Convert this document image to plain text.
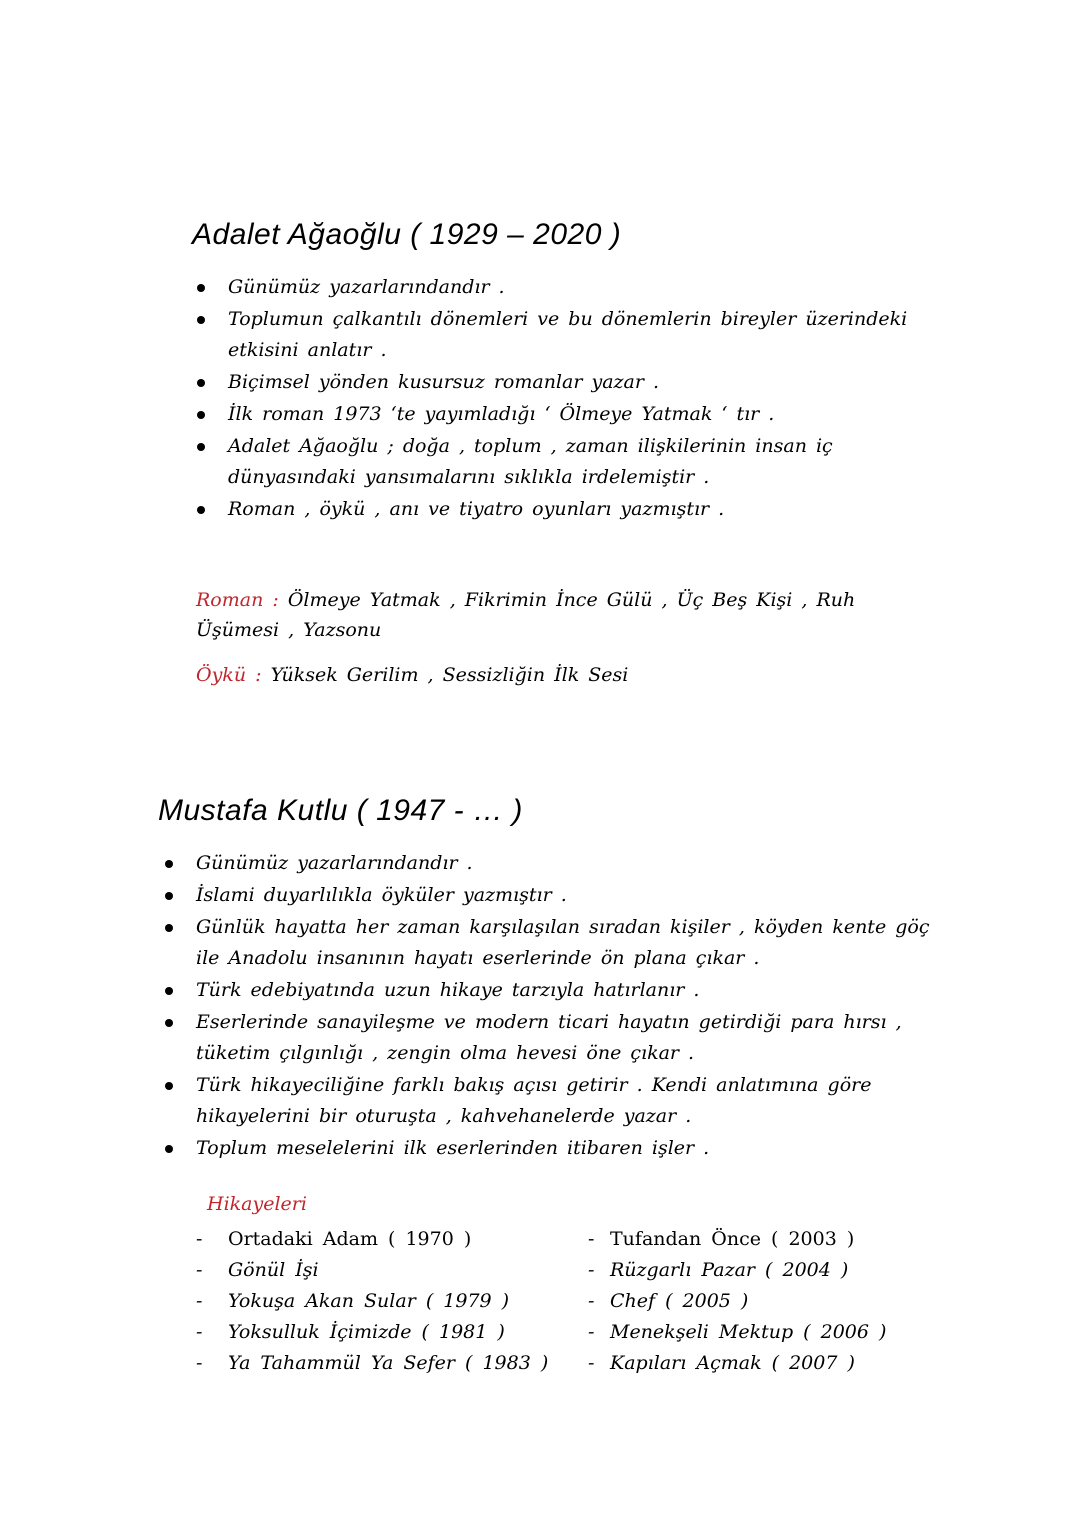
Adalet Ağaoğlu ( 1929 – 2020 )
Günümüz yazarlarındandır .
Toplumun çalkantılı dönemleri ve bu dönemlerin bireyler üzerindeki etkisini anlatır .
Biçimsel yönden kusursuz romanlar yazar .
İlk roman 1973 ‘te yayımladığı ‘ Ölmeye Yatmak ‘ tır .
Adalet Ağaoğlu ; doğa , toplum , zaman ilişkilerinin insan iç dünyasındaki yansımalarını sıklıkla irdelemiştir .
Roman , öykü , anı ve tiyatro oyunları yazmıştır .
Roman : Ölmeye Yatmak , Fikrimin İnce Gülü , Üç Beş Kişi , Ruh Üşümesi , Yazsonu
Öykü : Yüksek Gerilim , Sessizliğin İlk Sesi
Mustafa Kutlu ( 1947 - … )
Günümüz yazarlarındandır .
İslami duyarlılıkla öyküler yazmıştır .
Günlük hayatta her zaman karşılaşılan sıradan kişiler , köyden kente göç ile Anadolu insanının hayatı eserlerinde ön plana çıkar .
Türk edebiyatında uzun hikaye tarzıyla hatırlanır .
Eserlerinde sanayileşme ve modern ticari hayatın getirdiği para hırsı , tüketim çılgınlığı , zengin olma hevesi öne çıkar .
Türk hikayeciliğine farklı bakış açısı getirir . Kendi anlatımına göre hikayelerini bir oturuşta , kahvehanelerde yazar .
Toplum meselelerini ilk eserlerinden itibaren işler .
Hikayeleri
- Ortadaki Adam ( 1970 )
- Gönül İşi
- Yokuşa Akan Sular ( 1979 )
- Yoksulluk İçimizde ( 1981 )
- Ya Tahammül Ya Sefer ( 1983 )
- Tufandan Önce ( 2003 )
- Rüzgarlı Pazar ( 2004 )
- Chef ( 2005 )
- Menekşeli Mektup ( 2006 )
- Kapıları Açmak ( 2007 )
